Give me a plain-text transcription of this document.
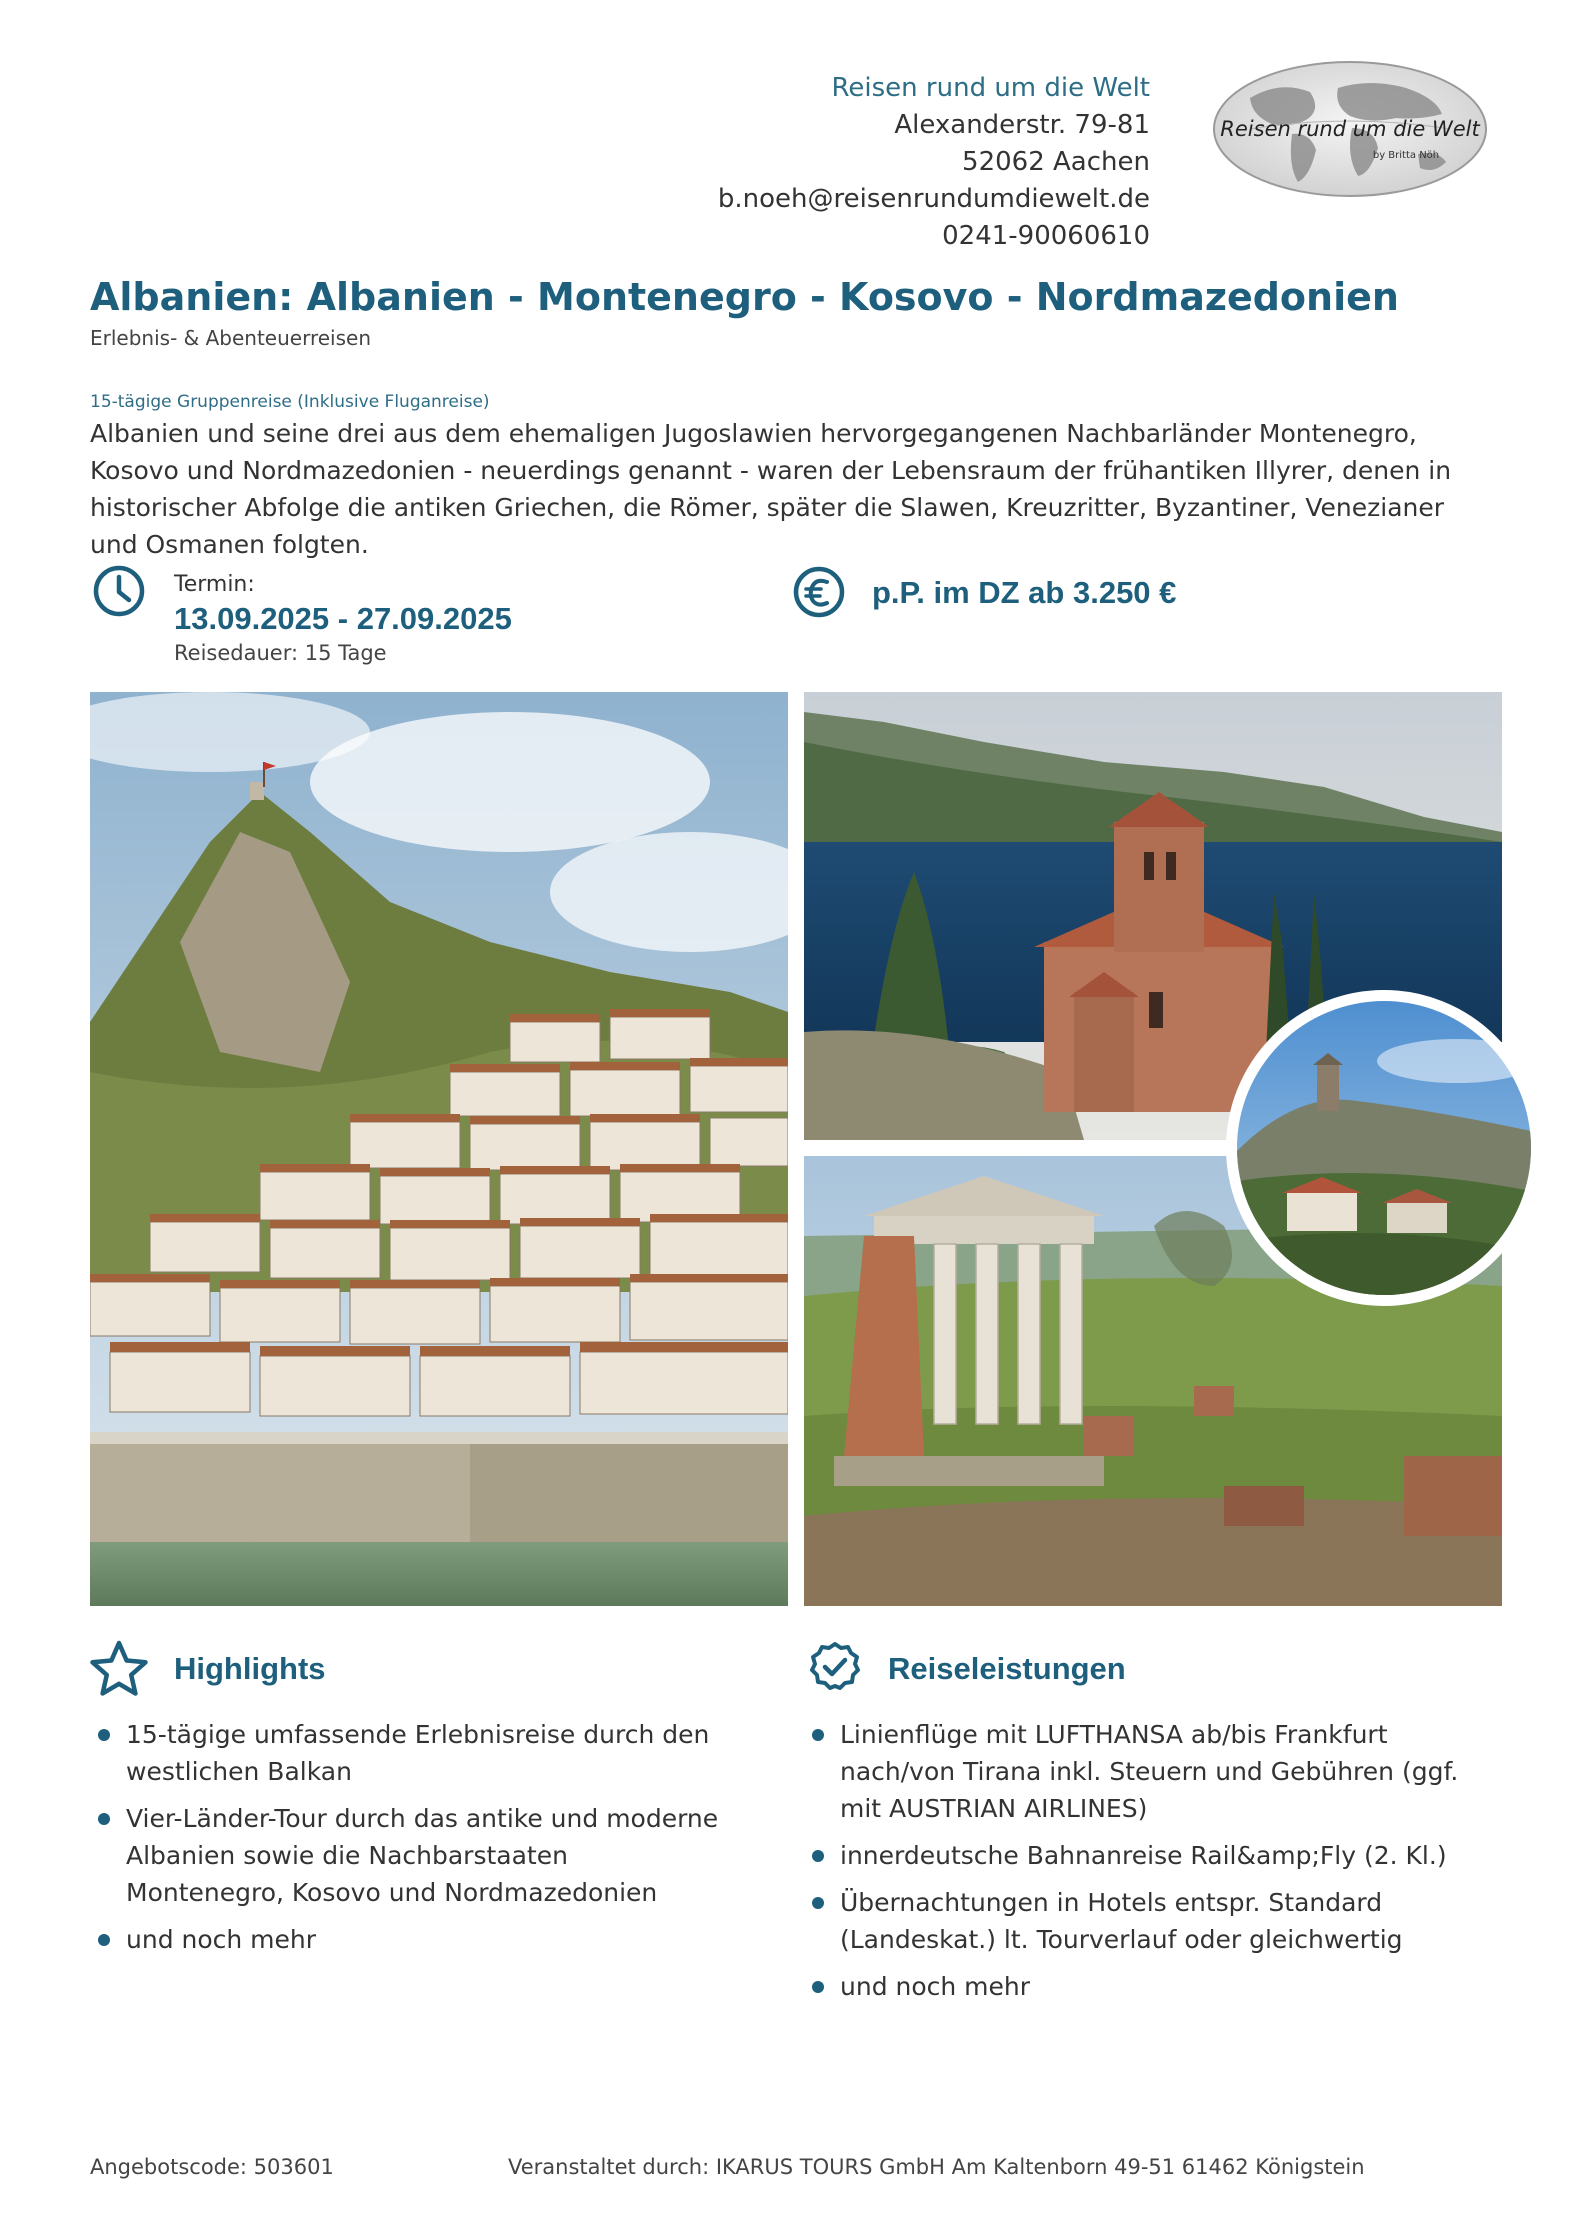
Reisen rund um die Welt
Alexanderstr. 79-81
52062 Aachen
b.noeh@reisenrundumdiewelt.de
0241-90060610
Reisen rund um die Welt
by Britta Nöh
Albanien: Albanien - Montenegro - Kosovo - Nordmazedonien
Erlebnis- & Abenteuerreisen
15-tägige Gruppenreise (Inklusive Fluganreise)
Albanien und seine drei aus dem ehemaligen Jugoslawien hervorgegangenen Nachbarländer Montenegro, Kosovo und Nordmazedonien - neuerdings genannt - waren der Lebensraum der frühantiken Illyrer, denen in historischer Abfolge die antiken Griechen, die Römer, später die Slawen, Kreuzritter, Byzantiner, Venezianer und Osmanen folgten.
Termin:
13.09.2025 - 27.09.2025
Reisedauer: 15 Tage
p.P. im DZ ab 3.250 €
Highlights
15-tägige umfassende Erlebnisreise durch den westlichen Balkan
Vier-Länder-Tour durch das antike und moderne Albanien sowie die Nachbarstaaten Montenegro, Kosovo und Nordmazedonien
und noch mehr
Reiseleistungen
Linienflüge mit LUFTHANSA ab/bis Frankfurt nach/von Tirana inkl. Steuern und Gebühren (ggf. mit AUSTRIAN AIRLINES)
innerdeutsche Bahnanreise Rail&amp;Fly (2. Kl.)
Übernachtungen in Hotels entspr. Standard (Landeskat.) lt. Tourverlauf oder gleichwertig
und noch mehr
Angebotscode: 503601	Veranstaltet durch: IKARUS TOURS GmbH Am Kaltenborn 49-51 61462 Königstein
